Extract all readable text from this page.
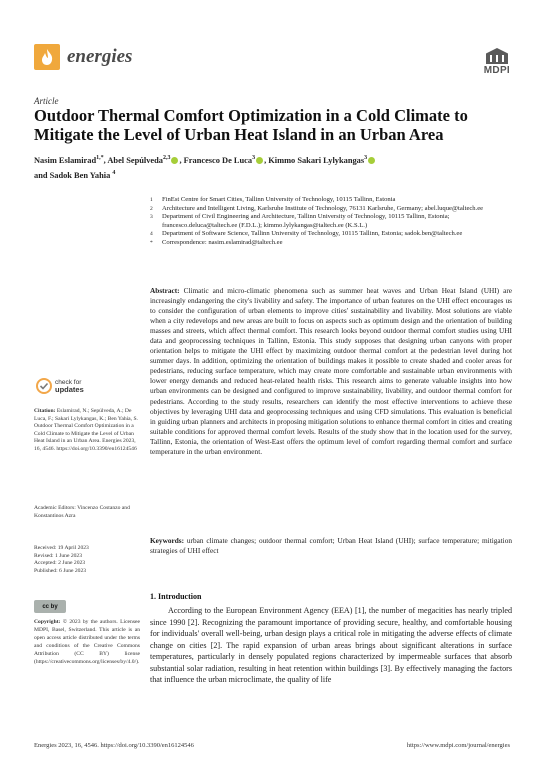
energies
MDPI
Article
Outdoor Thermal Comfort Optimization in a Cold Climate to Mitigate the Level of Urban Heat Island in an Urban Area
Nasim Eslamirad$^{1,*}$, Abel Sepúlveda$^{2,3}$ , Francesco De Luca$^3$ , Kimmo Sakari Lylykangas$^3$
and Sadok Ben Yahia $^4$
1	FinEst Centre for Smart Cities, Tallinn University of Technology, 10115 Tallinn, Estonia
2	Architecture and Intelligent Living, Karlsruhe Institute of Technology, 76131 Karlsruhe, Germany; abel.luque@taltech.ee
3	Department of Civil Engineering and Architecture, Tallinn University of Technology, 10115 Tallinn, Estonia; francesco.deluca@taltech.ee (F.D.L.); kimmo.lylykangas@taltech.ee (K.S.L.)
4	Department of Software Science, Tallinn University of Technology, 10115 Tallinn, Estonia; sadok.ben@taltech.ee
*	Correspondence: nasim.eslamirad@taltech.ee

Abstract: Climatic and micro-climatic phenomena such as summer heat waves and Urban Heat Island (UHI) are increasingly endangering the city's livability and safety. The importance of urban features on the UHI effect encourages us to consider the configuration of urban elements to improve cities' sustainability and livability. Most solutions are viable when a city redevelops and new areas are built to focus on aspects such as optimum design and the orientation of building masses and streets, which affect thermal comfort. This research looks beyond outdoor thermal comfort studies using UHI data and geoprocessing techniques in Tallinn, Estonia. This study supposes that designing urban canyons with proper orientation helps to mitigate the UHI effect by maximizing outdoor thermal comfort at the pedestrian level during hot summer days. In addition, optimizing the orientation of buildings makes it possible to create shaded and cooler areas for pedestrians, reducing surface temperature, which may create more comfortable and sustainable urban environments with lower energy demands and reduced heat-related health risks. This research aims to generate valuable insights into how urban environments can be designed and configured to improve sustainability, livability, and outdoor thermal comfort for pedestrians. According to the study results, researchers can identify the most effective interventions to achieve these objectives by leveraging UHI data and geoprocessing techniques and using CFD simulations. This evaluation is beneficial in guiding urban planners and architects in proposing mitigation solutions to enhance thermal comfort in cities and creating suitable conditions for approved thermal comfort levels. Results of the study show that in the location used for the survey, Tallinn, Estonia, the orientation of West-East offers the optimum level of comfort regarding thermal comfort and surface temperature in the urban environment.

Keywords: urban climate changes; outdoor thermal comfort; Urban Heat Island (UHI); surface temperature; mitigation strategies of UHI effect

check for
updates
Citation: Eslamirad, N.; Sepúlveda, A.; De Luca, F.; Sakari Lylykangas, K.; Ben Yahia, S. Outdoor Thermal Comfort Optimization in a Cold Climate to Mitigate the Level of Urban Heat Island in an Urban Area. Energies 2023, 16, 4546. https://doi.org/10.3390/en16124546
Academic Editors: Vincenzo Costanzo and Konstantinos Azra
Received: 19 April 2023
Revised: 1 June 2023
Accepted: 2 June 2023
Published: 6 June 2023
cc by

Copyright: © 2023 by the authors. Licensee MDPI, Basel, Switzerland. This article is an open access article distributed under the terms and conditions of the Creative Commons Attribution (CC BY) license (https://creativecommons.org/licenses/by/4.0/).

1. Introduction

According to the European Environment Agency (EEA) [1], the number of megacities has nearly tripled since 1990 [2]. Recognizing the paramount importance of providing secure, healthy, and comfortable housing for individuals' overall well-being, urban design plays a critical role in mitigating the adverse effects of climate change on cities [2]. The rapid expansion of urban areas brings about significant alterations in surface temperatures, particularly in densely populated regions characterized by impermeable surfaces that absorb substantial solar radiation, resulting in heat retention within buildings [3]. By effectively managing the factors that influence the urban microclimate, the quality of life

Energies 2023, 16, 4546. https://doi.org/10.3390/en16124546	https://www.mdpi.com/journal/energies
